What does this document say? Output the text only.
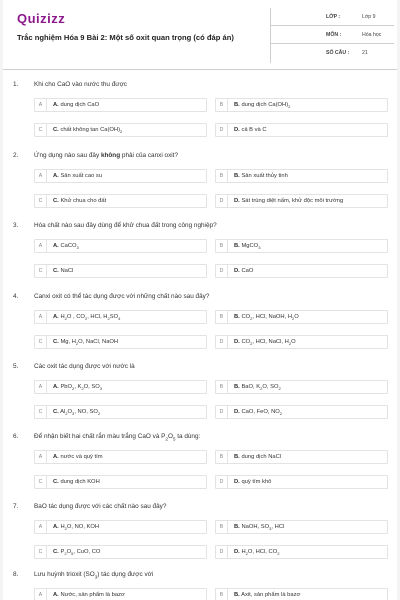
Quizizz
Trắc nghiệm Hóa 9 Bài 2: Một số oxit quan trọng (có đáp án)
LỚP :	Lớp 9
MÔN :	Hóa học
SỐ CÂU : 21
1. Khi cho CaO vào nước thu được
A	A. dung dịch CaO	B	B. dung dịch $Ca(OH)_2$
C	C. chất không $\tan Ca(OH)_2$	D	D. cả B và C
2. Ứng dụng nào sau đây không phải của canxi oxit?
A	A. Sản xuất cao su	B	B. Sản xuất thủy tinh
C	C. Khử chua cho đất	D	D. Sát trùng diệt nấm, khử độc môi trường
3. Hóa chất nào sau đây dùng để khử chua đất trong công nghiệp?
A	A. CaCO$_3$	B	B. MgCO$_3$
C	C. NaCl	D	D. CaO
4. Canxi oxit có thể tác dụng được với những chất nào sau đây?
A	A. $H_2O$ , $CO_2$, HCl, $H_2SO_4$	B	B. $CO_2$, HCl, NaOH, $H_2O$
C	C. Mg, $H_2O$, NaCl, NaOH	D	D. $CO_2$, HCl, NaCl, $H_2O$
5. Các oxit tác dụng được với nước là
A	A. PbO$_2$, $K_2O$, $SO_3$	B	B. BaO, $K_2O$, $SO_2$
C	C. $Al_2O_3$, NO, $SO_2$	D	D. CaO, FeO, $NO_2$
6. Để nhận biết hai chất rắn màu trắng CaO và $P_2O_5$ ta dùng:
A	A. nước và quỳ tím	B	B. dung dịch NaCl
C	C. dung dịch KOH	D	D. quỳ tím khô
7. BaO tác dụng được với các chất nào sau đây?
A	A. $H_2O$, NO, KOH	B	B. NaOH, $SO_3$, HCl
C	C. $P_2O_5$, CuO, CO	D	D. $H_2O$, HCl, $CO_2$
8. Lưu huỳnh trioxit $(SO_3)$ tác dụng được với
A	A. Nước, sản phẩm là bazơ	B	B. Axit, sản phẩm là bazơ
